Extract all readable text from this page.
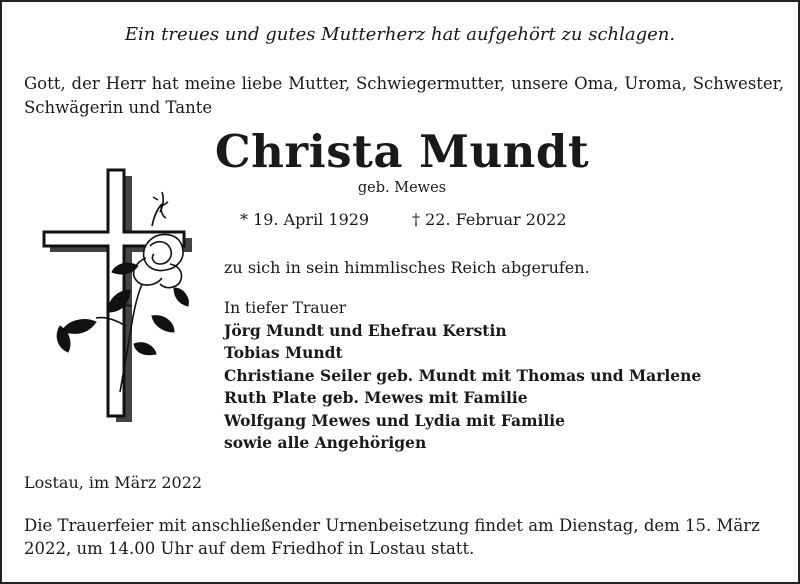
Ein treues und gutes Mutterherz hat aufgehört zu schlagen.
Gott, der Herr hat meine liebe Mutter, Schwiegermutter, unsere Oma, Uroma, Schwester, Schwägerin und Tante
Christa Mundt
geb. Mewes
* 19. April 1929	† 22. Februar 2022
zu sich in sein himmlisches Reich abgerufen.
In tiefer Trauer
Jörg Mundt und Ehefrau Kerstin
Tobias Mundt
Christiane Seiler geb. Mundt mit Thomas und Marlene
Ruth Plate geb. Mewes mit Familie
Wolfgang Mewes und Lydia mit Familie
sowie alle Angehörigen
Lostau, im März 2022
Die Trauerfeier mit anschließender Urnenbeisetzung findet am Dienstag, dem 15. März 2022, um 14.00 Uhr auf dem Friedhof in Lostau statt.
